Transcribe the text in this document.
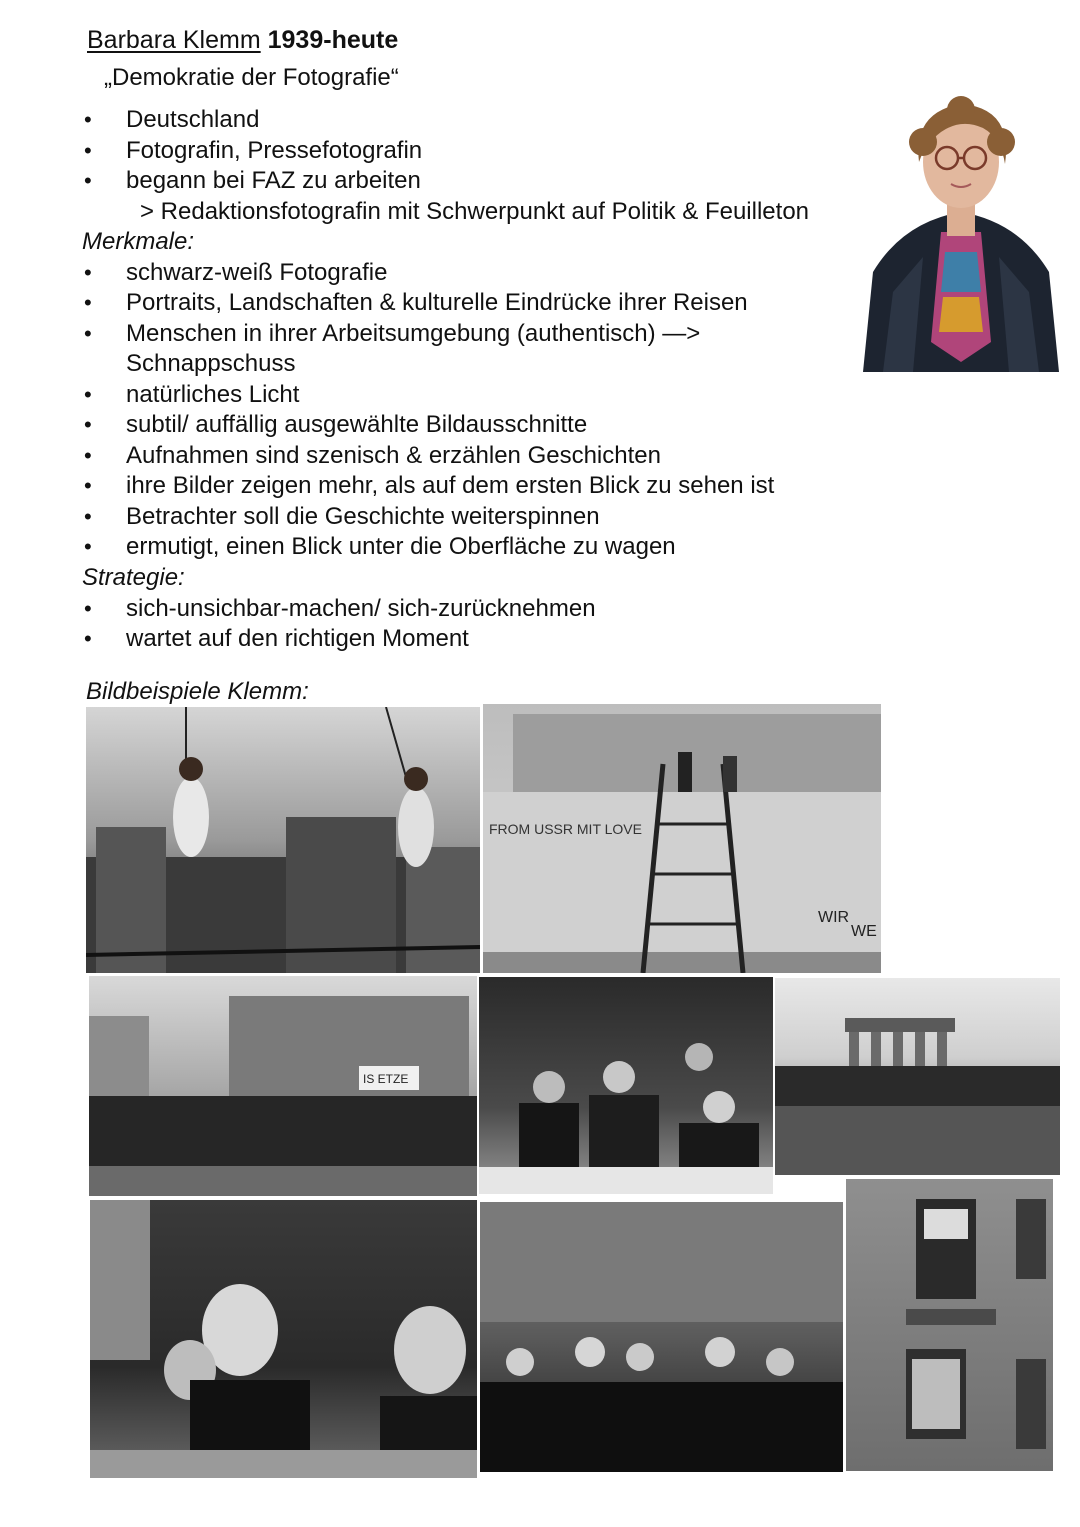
Barbara Klemm 1939-heute
„Demokratie der Fotografie“
• Deutschland
• Fotografin, Pressefotografin
• begann bei FAZ zu arbeiten
> Redaktionsfotografin mit Schwerpunkt auf Politik & Feuilleton
Merkmale:
• schwarz-weiß Fotografie
• Portraits, Landschaften & kulturelle Eindrücke ihrer Reisen
• Menschen in ihrer Arbeitsumgebung (authentisch) —>
Schnappschuss
• natürliches Licht
• subtil/ auffällig ausgewählte Bildausschnitte
• Aufnahmen sind szenisch & erzählen Geschichten
• ihre Bilder zeigen mehr, als auf dem ersten Blick zu sehen ist
• Betrachter soll die Geschichte weiterspinnen
• ermutigt, einen Blick unter die Oberfläche zu wagen
Strategie:
• sich-unsichbar-machen/ sich-zurücknehmen
• wartet auf den richtigen Moment
Bildbeispiele Klemm:
FROM USSR MIT LOVE
WIR
WE
IS ETZE
